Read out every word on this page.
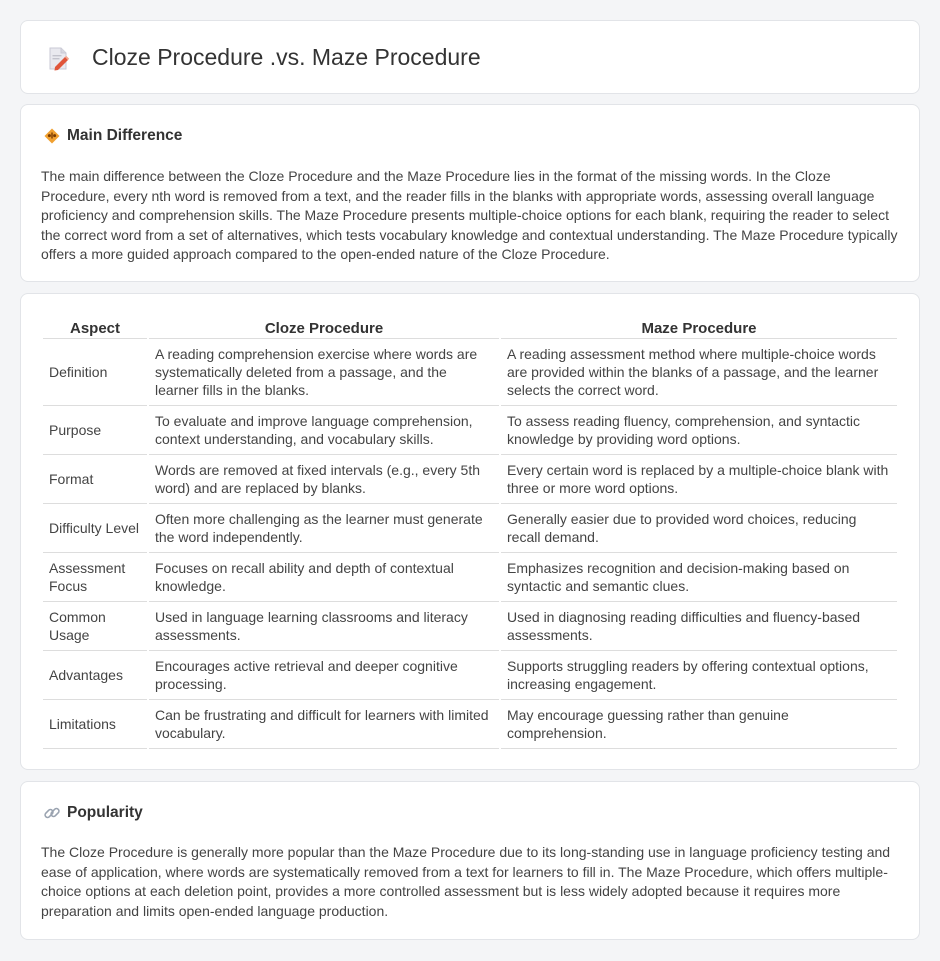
Cloze Procedure .vs. Maze Procedure
Main Difference

The main difference between the Cloze Procedure and the Maze Procedure lies in the format of the missing words. In the Cloze Procedure, every nth word is removed from a text, and the reader fills in the blanks with appropriate words, assessing overall language proficiency and comprehension skills. The Maze Procedure presents multiple-choice options for each blank, requiring the reader to select the correct word from a set of alternatives, which tests vocabulary knowledge and contextual understanding. The Maze Procedure typically offers a more guided approach compared to the open-ended nature of the Cloze Procedure.

Aspect	Cloze Procedure	Maze Procedure
Definition	A reading comprehension exercise where words are systematically deleted from a passage, and the learner fills in the blanks.	A reading assessment method where multiple-choice words are provided within the blanks of a passage, and the learner selects the correct word.
Purpose	To evaluate and improve language comprehension, context understanding, and vocabulary skills.	To assess reading fluency, comprehension, and syntactic knowledge by providing word options.
Format	Words are removed at fixed intervals (e.g., every 5th word) and are replaced by blanks.	Every certain word is replaced by a multiple-choice blank with three or more word options.
Difficulty Level	Often more challenging as the learner must generate the word independently.	Generally easier due to provided word choices, reducing recall demand.
Assessment Focus	Focuses on recall ability and depth of contextual knowledge.	Emphasizes recognition and decision-making based on syntactic and semantic clues.
Common Usage	Used in language learning classrooms and literacy assessments.	Used in diagnosing reading difficulties and fluency-based assessments.
Advantages	Encourages active retrieval and deeper cognitive processing.	Supports struggling readers by offering contextual options, increasing engagement.
Limitations	Can be frustrating and difficult for learners with limited vocabulary.	May encourage guessing rather than genuine comprehension.
Popularity

The Cloze Procedure is generally more popular than the Maze Procedure due to its long-standing use in language proficiency testing and ease of application, where words are systematically removed from a text for learners to fill in. The Maze Procedure, which offers multiple-choice options at each deletion point, provides a more controlled assessment but is less widely adopted because it requires more preparation and limits open-ended language production.
